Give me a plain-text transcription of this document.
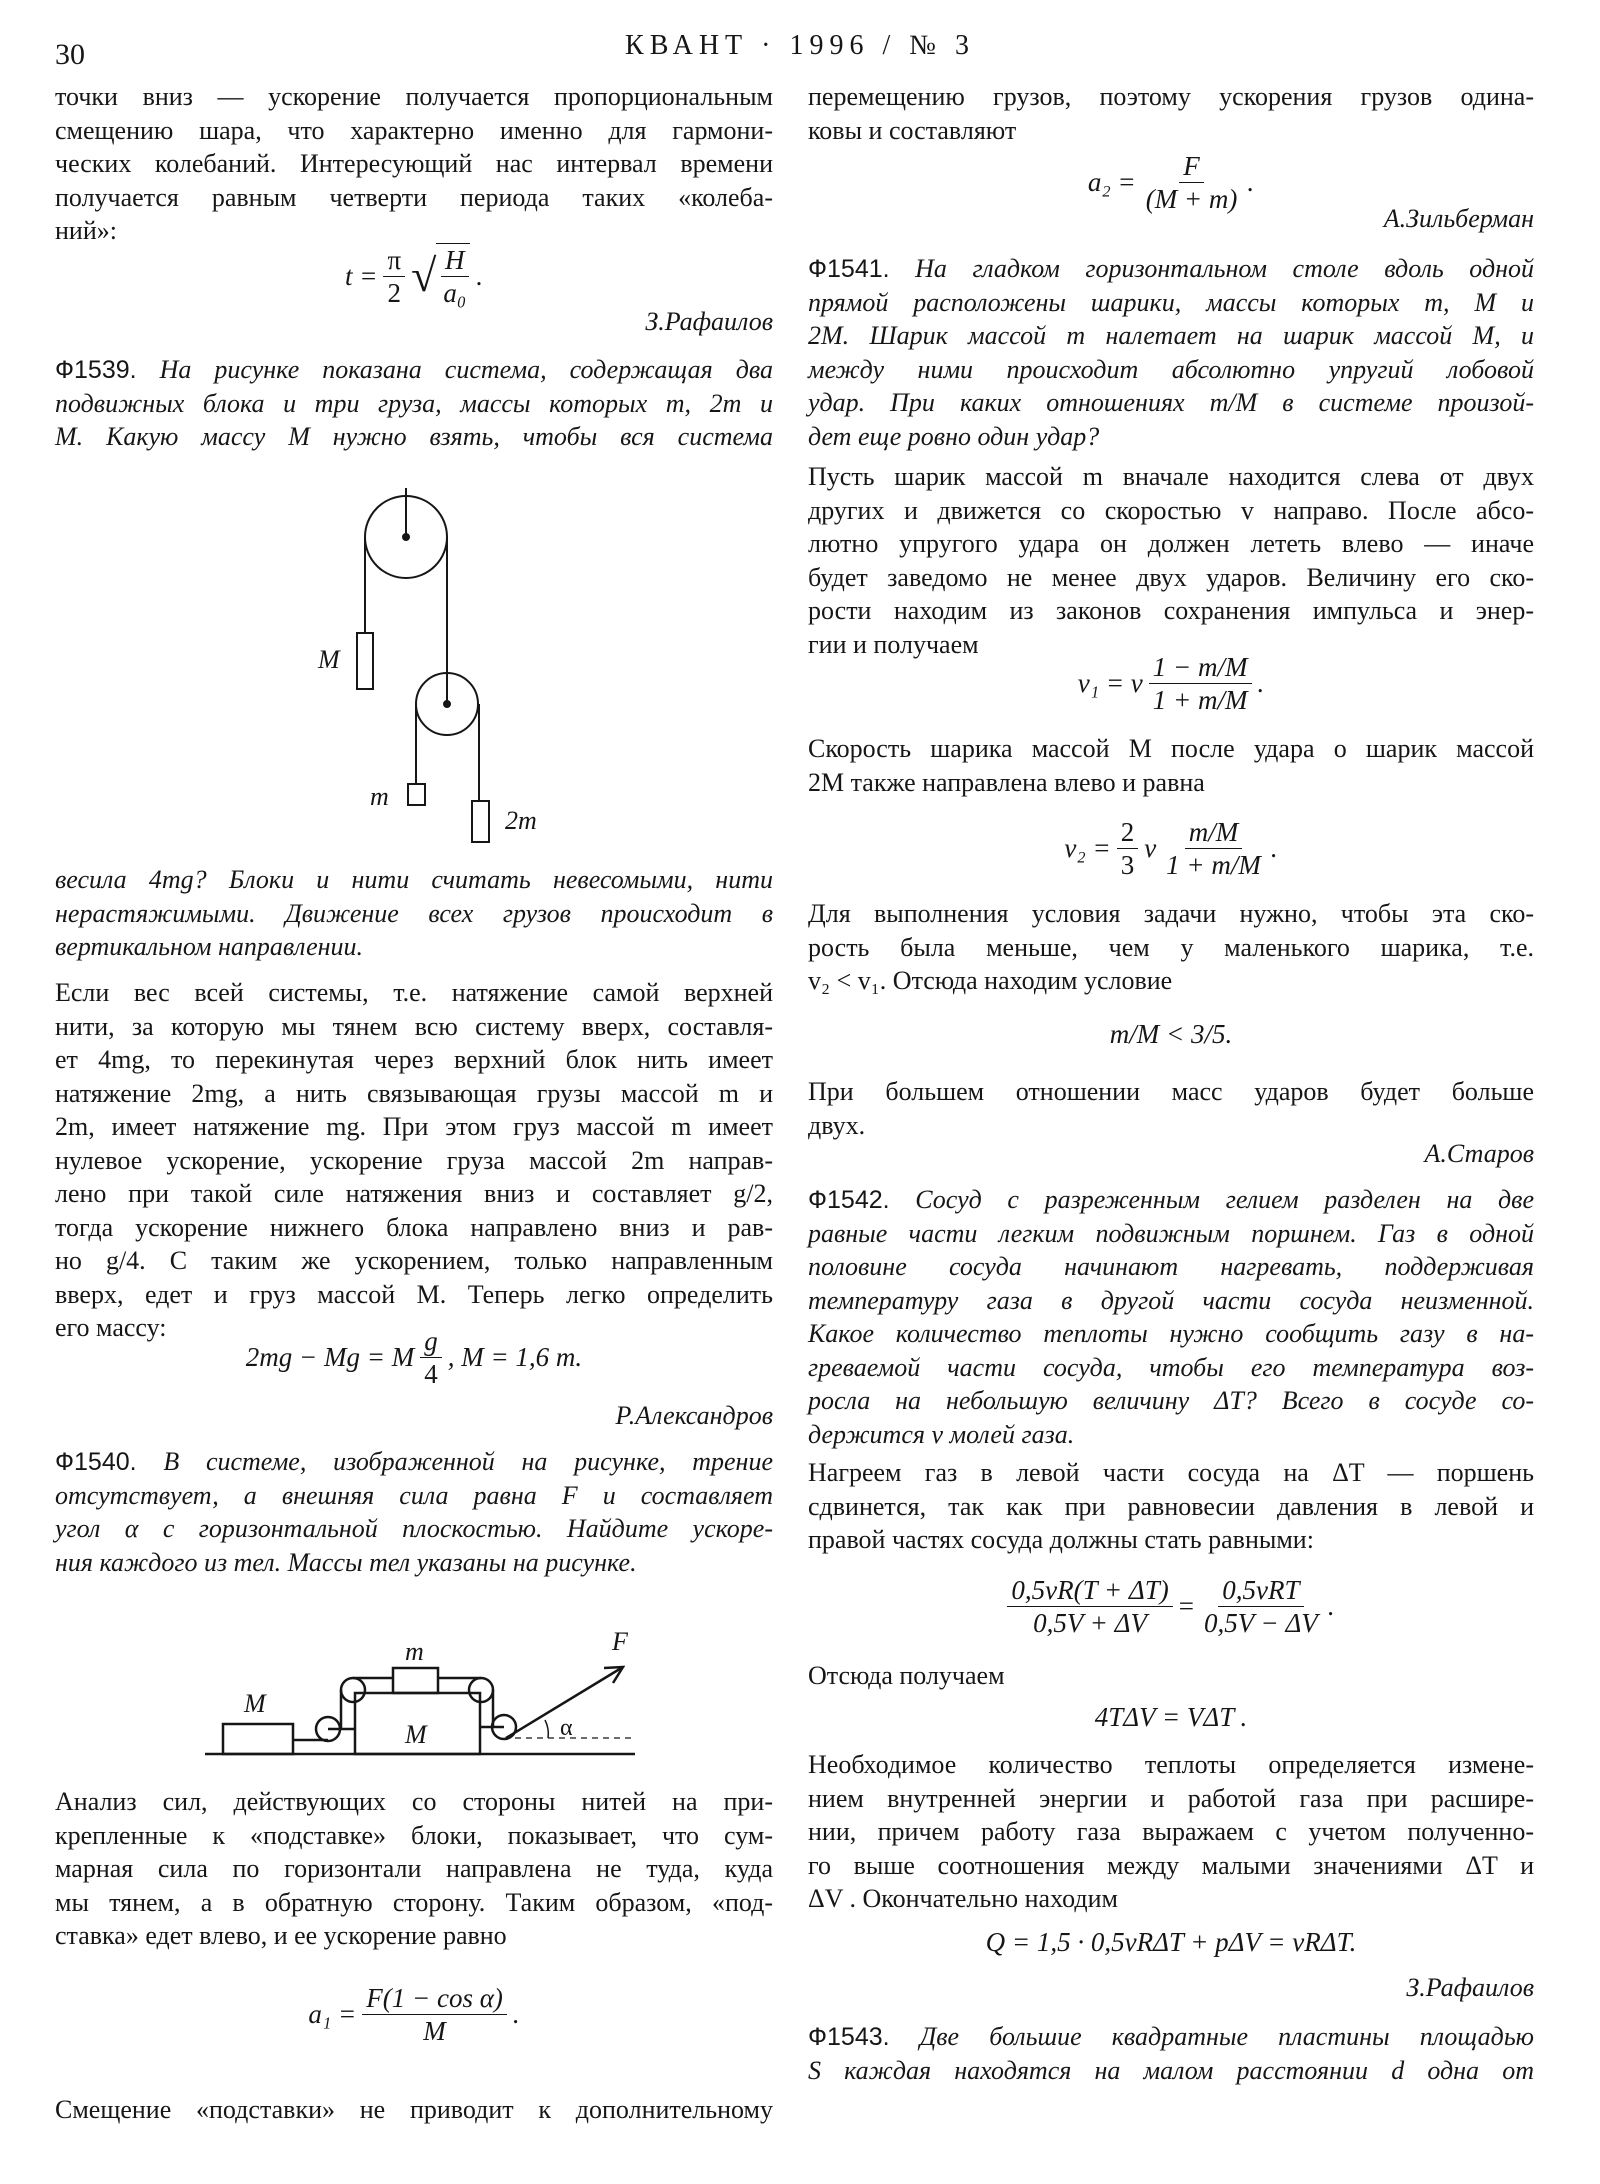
30	КВАНТ · 1996 / № 3
точки вниз — ускорение получается пропорциональным
смещению шара, что характерно именно для гармони-
ческих колебаний. Интересующий нас интервал времени
получается равным четверти периода таких «колеба-
ний»:
$t = \frac{\pi}{2}$ √ $\frac{H}{\text{a₀}}$ .
З.Рафаилов
Ф1539. На рисунке показана система, содержащая два
подвижных блока и три груза, массы которых m, 2m и
M. Какую массу M нужно взять, чтобы вся система
M
m
2m
весила 4mg? Блоки и нити считать невесомыми, нити
нерастяжимыми. Движение всех грузов происходит в
вертикальном направлении.
Если вес всей системы, т.е. натяжение самой верхней
нити, за которую мы тянем всю систему вверх, составля-
ет 4mg, то перекинутая через верхний блок нить имеет
натяжение 2mg, а нить связывающая грузы массой m и
2m, имеет натяжение mg. При этом груз массой m имеет
нулевое ускорение, ускорение груза массой 2m направ-
лено при такой силе натяжения вниз и составляет g/2,
тогда ускорение нижнего блока направлено вниз и рав-
но g/4. С таким же ускорением, только направленным
вверх, едет и груз массой M. Теперь легко определить
его массу:
2mg − Mg = M $\frac{g}{4}$ , M = 1,6 m.
Р.Александров
Ф1540. В системе, изображенной на рисунке, трение
отсутствует, а внешняя сила равна F и составляет
угол α с горизонтальной плоскостью. Найдите ускоре-
ния каждого из тел. Массы тел указаны на рисунке.
M
M
m	F
α
Анализ сил, действующих со стороны нитей на при-
крепленные к «подставке» блоки, показывает, что сум-
марная сила по горизонтали направлена не туда, куда
мы тянем, а в обратную сторону. Таким образом, «под-
ставка» едет влево, и ее ускорение равно
$a_1 = \frac{\text{F(1 − cos α)}}{M}$ .
Смещение «подставки» не приводит к дополнительному
перемещению грузов, поэтому ускорения грузов одина-
ковы и составляют
$a_2 = \frac{F}{(M + m)}$ .
А.Зильберман
Ф1541. На гладком горизонтальном столе вдоль одной
прямой расположены шарики, массы которых m, M и
2M. Шарик массой m налетает на шарик массой M, и
между ними происходит абсолютно упругий лобовой
удар. При каких отношениях m/M в системе произой-
дет еще ровно один удар?
Пусть шарик массой m вначале находится слева от двух
других и движется со скоростью v направо. После абсо-
лютно упругого удара он должен лететь влево — иначе
будет заведомо не менее двух ударов. Величину его ско-
рости находим из законов сохранения импульса и энер-
гии и получаем
v₁ = v $\frac{1 - m/M}{1 + m/M}$ .
Скорость шарика массой M после удара о шарик массой
2M также направлена влево и равна
$v_2 = \frac{2}{3}$ v $\frac{m/M}{1 + m/M}$ .
Для выполнения условия задачи нужно, чтобы эта ско-
рость была меньше, чем у маленького шарика, т.е.
v₂ < v₁. Отсюда находим условие
m/M < 3/5.
При большем отношении масс ударов будет больше
двух.
А.Старов
Ф1542. Сосуд с разреженным гелием разделен на две
равные части легким подвижным поршнем. Газ в одной
половине сосуда начинают нагревать, поддерживая
температуру газа в другой части сосуда неизменной.
Какое количество теплоты нужно сообщить газу в на-
греваемой части сосуда, чтобы его температура воз-
росла на небольшую величину ΔT? Всего в сосуде со-
держится ν молей газа.
Нагреем газ в левой части сосуда на ΔT — поршень
сдвинется, так как при равновесии давления в левой и
правой частях сосуда должны стать равными:
$\frac{0,5\nu R(T + \Delta T)}{0,5V + \Delta V} = \frac{\text{0,5νRT}}{0,5V - \Delta V}$ .
Отсюда получаем
4TΔV = VΔT .
Необходимое количество теплоты определяется измене-
нием внутренней энергии и работой газа при расшире-
нии, причем работу газа выражаем с учетом полученно-
го выше соотношения между малыми значениями ΔT и
ΔV . Окончательно находим
Q = 1,5 · 0,5νRΔT + pΔV = νRΔT.
З.Рафаилов
Ф1543. Две большие квадратные пластины площадью
S каждая находятся на малом расстоянии d одна от
